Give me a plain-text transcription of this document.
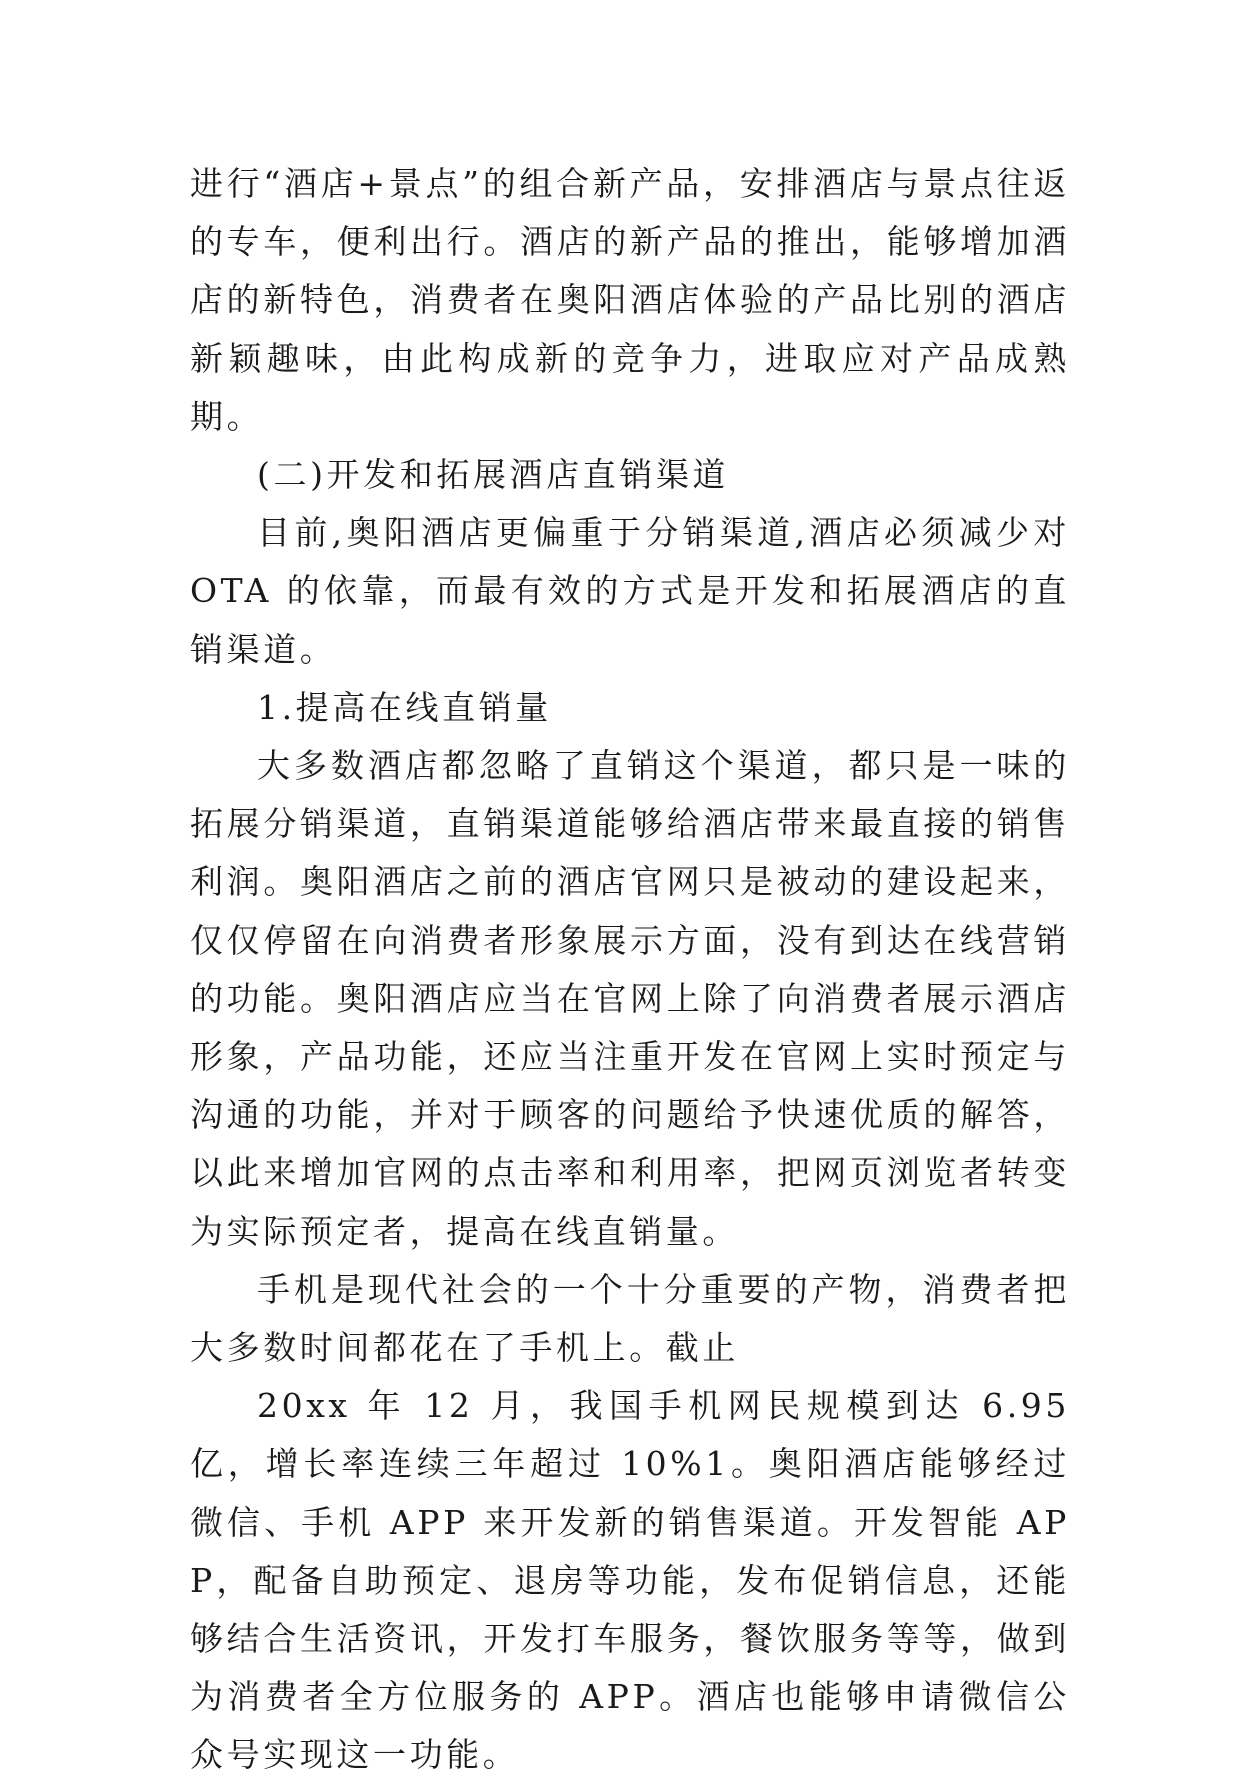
进行“酒店+景点”的组合新产品，安排酒店与景点往返的专车，便利出行。酒店的新产品的推出，能够增加酒店的新特色，消费者在奥阳酒店体验的产品比别的酒店新颖趣味，由此构成新的竞争力，进取应对产品成熟期。

(二)开发和拓展酒店直销渠道

目前,奥阳酒店更偏重于分销渠道,酒店必须减少对 OTA 的依靠，而最有效的方式是开发和拓展酒店的直销渠道。

1.提高在线直销量

大多数酒店都忽略了直销这个渠道，都只是一味的拓展分销渠道，直销渠道能够给酒店带来最直接的销售利润。奥阳酒店之前的酒店官网只是被动的建设起来，仅仅停留在向消费者形象展示方面，没有到达在线营销的功能。奥阳酒店应当在官网上除了向消费者展示酒店形象，产品功能，还应当注重开发在官网上实时预定与沟通的功能，并对于顾客的问题给予快速优质的解答，以此来增加官网的点击率和利用率，把网页浏览者转变为实际预定者，提高在线直销量。

手机是现代社会的一个十分重要的产物，消费者把大多数时间都花在了手机上。截止

20xx 年 12 月，我国手机网民规模到达 6.95 亿，增长率连续三年超过 10%1。奥阳酒店能够经过微信、手机 APP 来开发新的销售渠道。开发智能 APP，配备自助预定、退房等功能，发布促销信息，还能够结合生活资讯，开发打车服务，餐饮服务等等，做到为消费者全方位服务的 APP。酒店也能够申请微信公众号实现这一功能。
